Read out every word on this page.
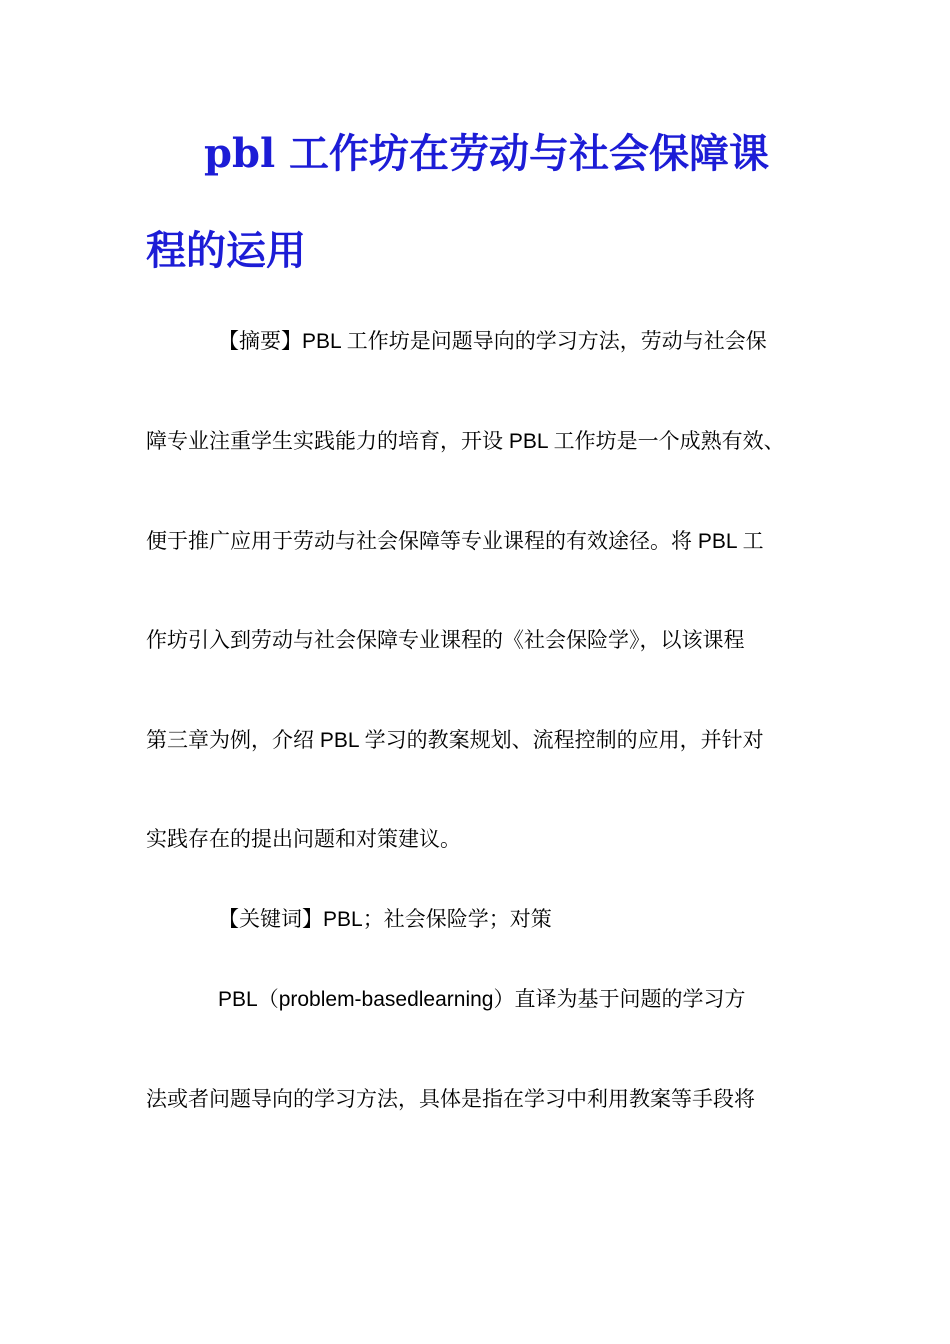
pbl 工作坊在劳动与社会保障课
程的运用

【摘要】PBL 工作坊是问题导向的学习方法，劳动与社会保

障专业注重学生实践能力的培育，开设 PBL 工作坊是一个成熟有效、

便于推广应用于劳动与社会保障等专业课程的有效途径。将 PBL 工

作坊引入到劳动与社会保障专业课程的《社会保险学》，以该课程

第三章为例，介绍 PBL 学习的教案规划、流程控制的应用，并针对

实践存在的提出问题和对策建议。

【关键词】PBL；社会保险学；对策

PBL（problem-basedlearning）直译为基于问题的学习方

法或者问题导向的学习方法，具体是指在学习中利用教案等手段将
